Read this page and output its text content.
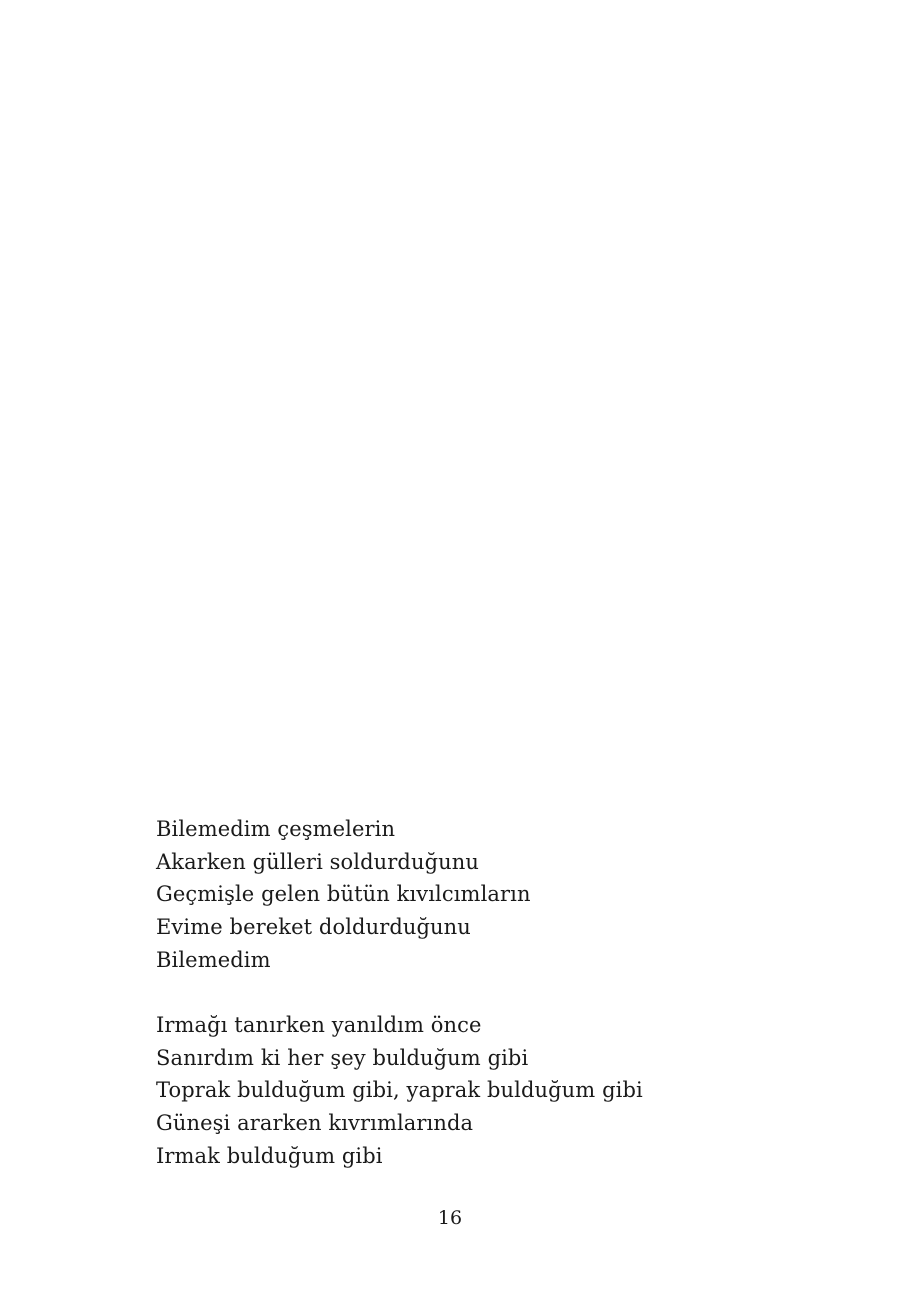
Bilemedim çeşmelerin
Akarken gülleri soldurduğunu
Geçmişle gelen bütün kıvılcımların
Evime bereket doldurduğunu
Bilemedim
Irmağı tanırken yanıldım önce
Sanırdım ki her şey bulduğum gibi
Toprak bulduğum gibi, yaprak bulduğum gibi
Güneşi ararken kıvrımlarında
Irmak bulduğum gibi
16
